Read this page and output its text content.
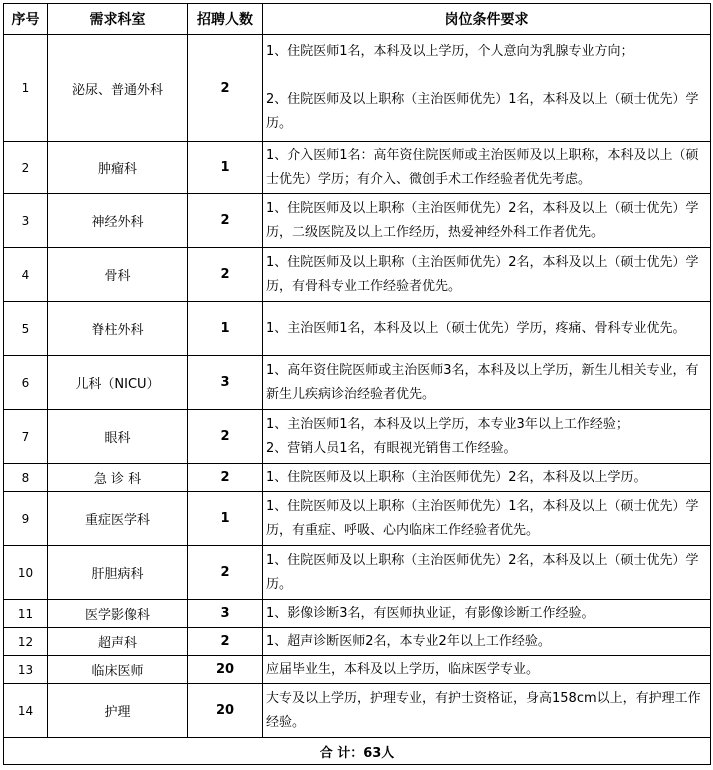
序号	需求科室	招聘人数	岗位条件要求
1	泌尿、普通外科	2	1、住院医师1名，本科及以上学历，个人意向为乳腺专业方向；
2、住院医师及以上职称（主治医师优先）1名，本科及以上（硕士优先）学历。

2	肿瘤科	1	1、介入医师1名：高年资住院医师或主治医师及以上职称，本科及以上（硕士优先）学历；有介入、微创手术工作经验者优先考虑。

3	神经外科	2	1、住院医师及以上职称（主治医师优先）2名，本科及以上（硕士优先）学历，二级医院及以上工作经历，热爱神经外科工作者优先。

4	骨科	2	1、住院医师及以上职称（主治医师优先）2名，本科及以上（硕士优先）学历，有骨科专业工作经验者优先。

5	脊柱外科	1	1、主治医师1名，本科及以上（硕士优先）学历，疼痛、骨科专业优先。

6	儿科（NICU）	3	1、高年资住院医师或主治医师3名，本科及以上学历，新生儿相关专业，有新生儿疾病诊治经验者优先。

7	眼科	2	1、主治医师1名，本科及以上学历，本专业3年以上工作经验；
2、营销人员1名，有眼视光销售工作经验。

8	急 诊 科	2	1、住院医师及以上职称（主治医师优先）2名，本科及以上学历。

9	重症医学科	1	1、住院医师及以上职称（主治医师优先）1名，本科及以上（硕士优先）学历，有重症、呼吸、心内临床工作经验者优先。

10	肝胆病科	2	1、住院医师及以上职称（主治医师优先）2名，本科及以上（硕士优先）学历。

11	医学影像科	3	1、影像诊断3名，有医师执业证，有影像诊断工作经验。

12	超声科	2	1、超声诊断医师2名，本专业2年以上工作经验。

13	临床医师	20	应届毕业生，本科及以上学历，临床医学专业。

14	护理	20	大专及以上学历，护理专业，有护士资格证，身高158cm以上，有护理工作经验。

合 计：63人			
